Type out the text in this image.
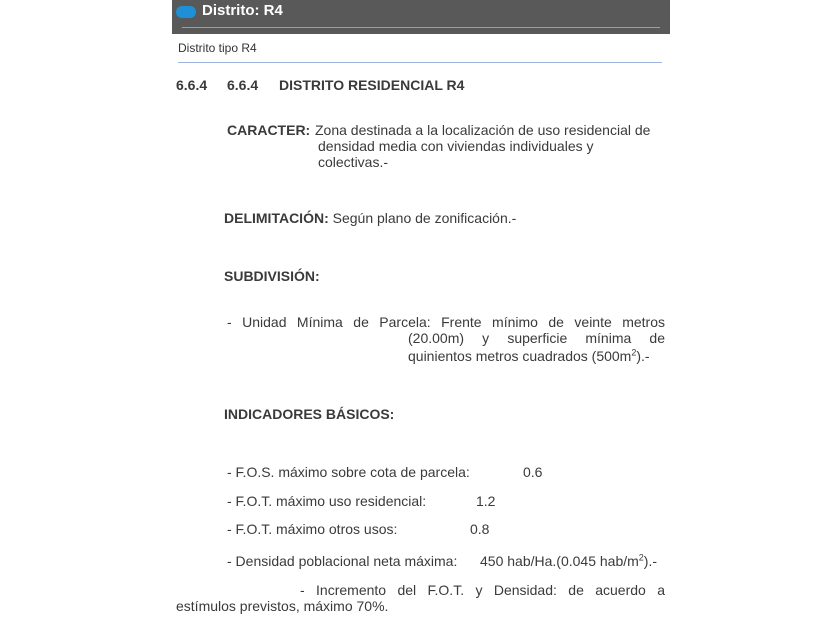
Distrito: R4
Distrito tipo R4
6.6.4 6.6.4 DISTRITO RESIDENCIAL R4
CARACTER: Zona destinada a la localización de uso residencial de
densidad media con viviendas individuales y
colectivas.-
DELIMITACIÓN: Según plano de zonificación.-
SUBDIVISIÓN:
- Unidad Mínima de Parcela: Frente mínimo de veinte metros
(20.00m) y superficie mínima de
quinientos metros cuadrados $(500m^2).-$
INDICADORES BÁSICOS:
- F.O.S. máximo sobre cota de parcela:	0.6
- F.O.T. máximo uso residencial:	1.2
- F.O.T. máximo otros usos:	0.8
- Densidad poblacional neta máxima: 450 hab/Ha.(0.045 hab/$m^2).-$
- Incremento del F.O.T. y Densidad: de acuerdo a
estímulos previstos, máximo 70%.
